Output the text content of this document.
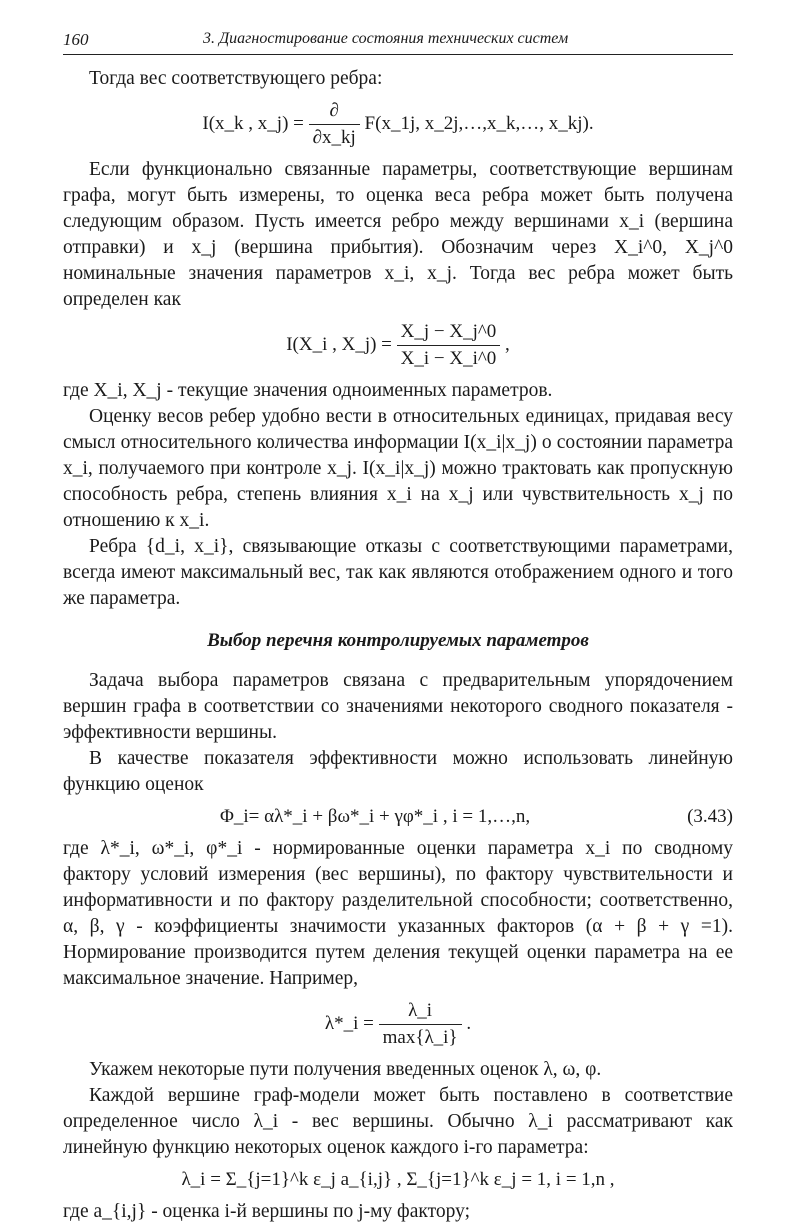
160	3. Диагностирование состояния технических систем

Тогда вес соответствующего ребра:

I(x_k , x_j) = $\frac{\partial}{\partial x\_kj}$ F(x_1j, x_2j,…,x_k,…, x_kj).

Если функционально связанные параметры, соответствующие вершинам графа, могут быть измерены, то оценка веса ребра может быть получена следующим образом. Пусть имеется ребро между вершинами x_i (вершина отправки) и x_j (вершина прибытия). Обозначим через X_i^0, X_j^0 номинальные значения параметров x_i, x_j. Тогда вес ребра может быть определен как

I(X_i , X_j) = $\frac{X\_j - X\_j\^{}0}{X\_i - X\_i\^{}0}$ ,

где X_i, X_j - текущие значения одноименных параметров.

Оценку весов ребер удобно вести в относительных единицах, придавая весу смысл относительного количества информации I(x_i|x_j) о состоянии параметра x_i, получаемого при контроле x_j. I(x_i|x_j) можно трактовать как пропускную способность ребра, степень влияния x_i на x_j или чувствительность x_j по отношению к x_i.

Ребра {d_i, x_i}, связывающие отказы с соответствующими параметрами, всегда имеют максимальный вес, так как являются отображением одного и того же параметра.

Выбор перечня контролируемых параметров

Задача выбора параметров связана с предварительным упорядочением вершин графа в соответствии со значениями некоторого сводного показателя - эффективности вершины.

В качестве показателя эффективности можно использовать линейную функцию оценок

Φ_i= αλ*_i + βω*_i + γφ*_i , i = 1,…,n,	(3.43)

где λ*_i, ω*_i, φ*_i - нормированные оценки параметра x_i по сводному фактору условий измерения (вес вершины), по фактору чувствительности и информативности и по фактору разделительной способности; соответственно, α, β, γ - коэффициенты значимости указанных факторов (α + β + γ =1). Нормирование производится путем деления текущей оценки параметра на ее максимальное значение. Например,

λ*_i = $\frac{\lambda\_i}{\max\{\lambda\_i\}}$ .

Укажем некоторые пути получения введенных оценок λ, ω, φ.

Каждой вершине граф-модели может быть поставлено в соответствие определенное число λ_i - вес вершины. Обычно λ_i рассматривают как линейную функцию некоторых оценок каждого i-го параметра:

λ_i = Σ_{j=1}^k ε_j a_{i,j} , Σ_{j=1}^k ε_j = 1, i = 1,n ,

где a_{i,j} - оценка i-й вершины по j-му фактору;
